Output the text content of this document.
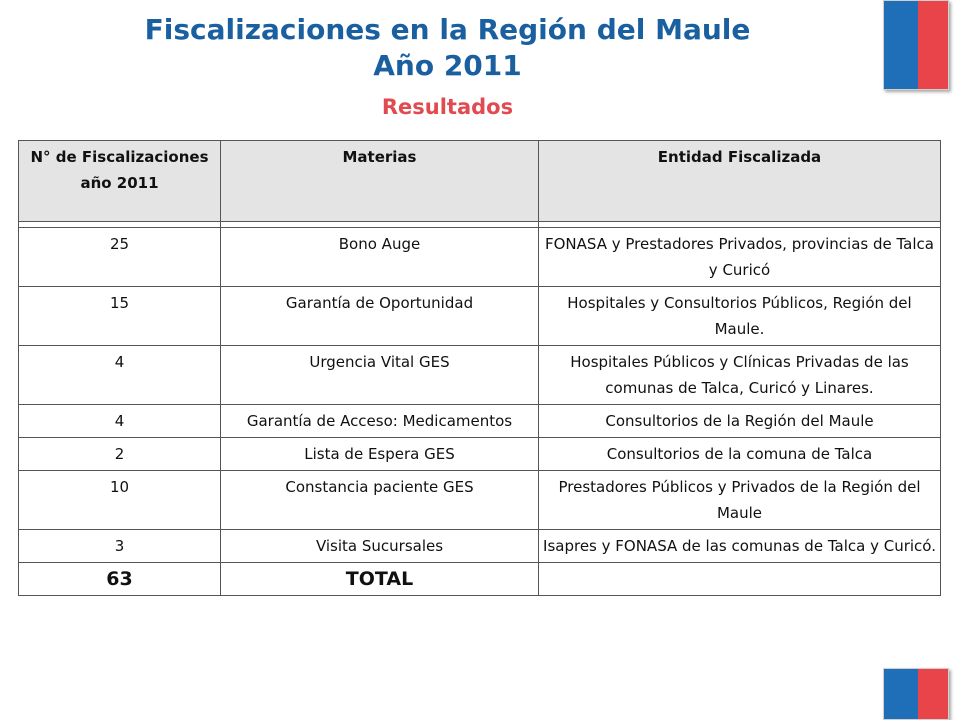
Fiscalizaciones en la Región del Maule
Año 2011
Resultados
N° de Fiscalizaciones año 2011	Materias	Entidad Fiscalizada

25	Bono Auge	FONASA y Prestadores Privados, provincias de Talca y Curicó
15	Garantía de Oportunidad	Hospitales y Consultorios Públicos, Región del Maule.
4	Urgencia Vital GES	Hospitales Públicos y Clínicas Privadas de las comunas de Talca, Curicó y Linares.
4	Garantía de Acceso: Medicamentos	Consultorios de la Región del Maule
2	Lista de Espera GES	Consultorios de la comuna de Talca
10	Constancia paciente GES	Prestadores Públicos y Privados de la Región del Maule
3	Visita Sucursales	Isapres y FONASA de las comunas de Talca y Curicó.
63	TOTAL	
